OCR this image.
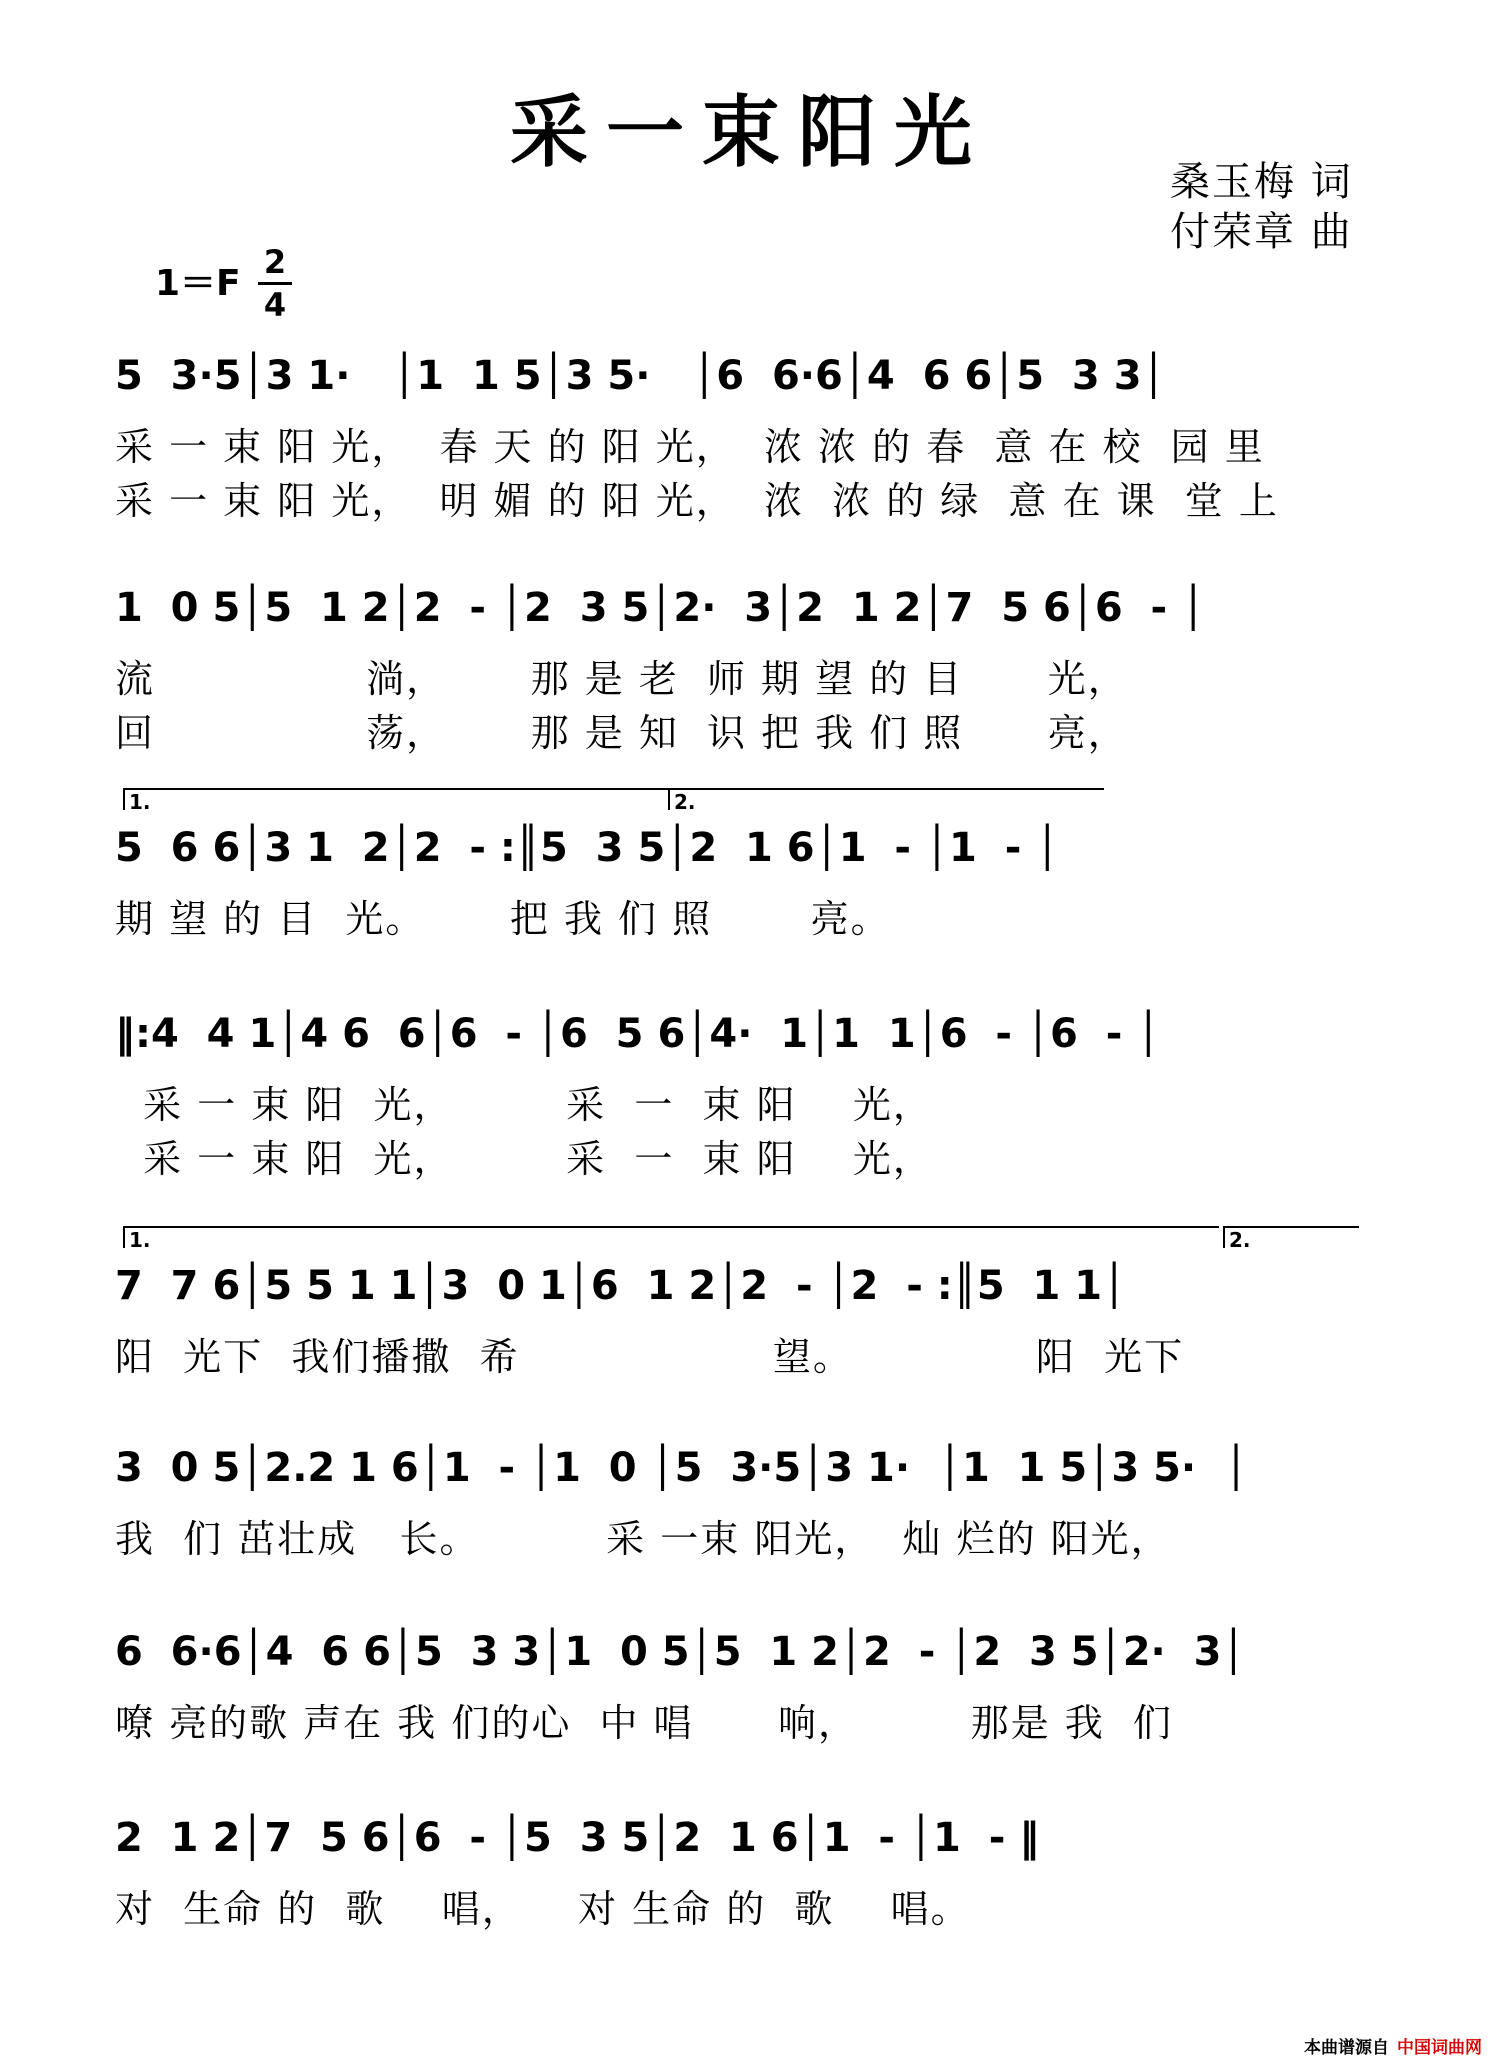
采一束阳光
桑玉梅 词
付荣章 曲
$1=F \frac{2}{4}$
5  3·5│3 1·   │1  1 5│3 5·   │6  6·6│4  6 6│5  3 3│
采 一 束 阳 光，  春 天 的 阳 光，  浓 浓 的 春  意 在 校  园 里
采 一 束 阳 光，  明 媚 的 阳 光，  浓  浓 的 绿  意 在 课  堂 上
1  0 5│5  1 2│2  - │2  3 5│2·  3│2  1 2│7  5 6│6  - │
流               淌，      那 是 老  师 期 望 的 目      光，
回               荡，      那 是 知  识 把 我 们 照      亮，
1.	2.
5  6 6│3 1  2│2  - :║5  3 5│2  1 6│1  - │1  - │
期 望 的 目  光。      把 我 们 照       亮。
‖:4  4 1│4 6  6│6  - │6  5 6│4·  1│1  1│6  - │6  - │
采 一 束 阳  光，        采  一  束 阳    光，
采 一 束 阳  光，        采  一  束 阳    光，
1.	2.
7  7 6│5 5 1 1│3  0 1│6  1 2│2  - │2  - :║5  1 1│
阳  光下  我们播撒  希                  望。             阳  光下
3  0 5│2.2 1 6│1  - │1  0 │5  3·5│3 1·  │1  1 5│3 5·  │
我  们 茁壮成   长。         采 一束 阳光，  灿 烂的 阳光，
6  6·6│4  6 6│5  3 3│1  0 5│5  1 2│2  - │2  3 5│2·  3│
嘹 亮的歌 声在 我 们的心  中 唱      响，        那是 我  们
2  1 2│7  5 6│6  - │5  3 5│2  1 6│1  - │1  - ‖
对  生命 的  歌    唱，    对 生命 的  歌    唱。
本曲谱源自 中国词曲网
